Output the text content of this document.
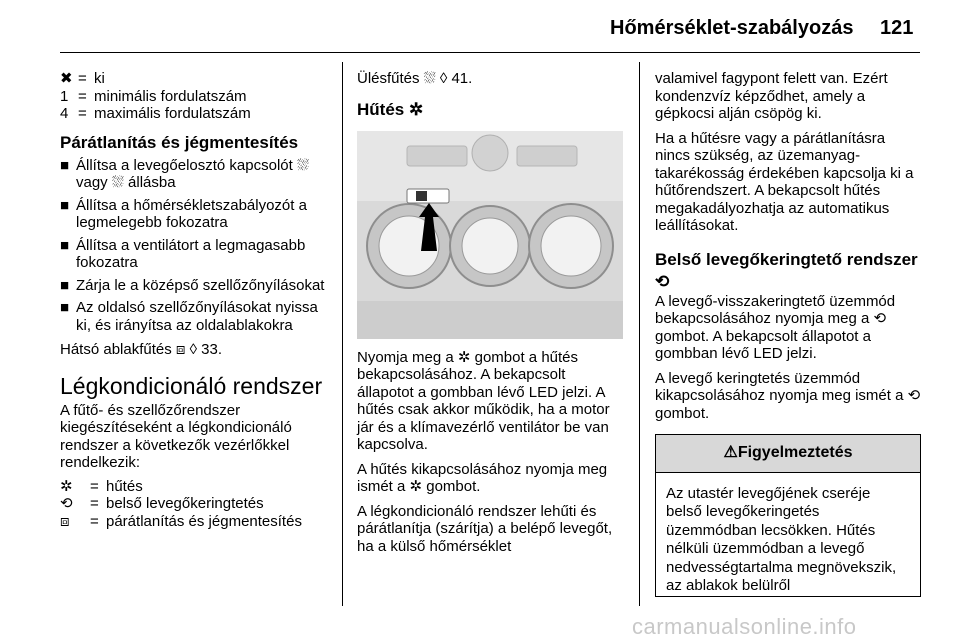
Hőmérséklet-szabályozás 121
✖ = ki
1 = minimális fordulatszám
4 = maximális fordulatszám
Párátlanítás és jégmentesítés
■ Állítsa a levegőelosztó kapcsolót ⛆ vagy ⛆ állásba
■ Állítsa a hőmérsékletszabályozót a legmelegebb fokozatra
■ Állítsa a ventilátort a legmagasabb fokozatra
■ Zárja le a középső szellőzőnyílásokat
■ Az oldalsó szellőzőnyílásokat nyissa ki, és irányítsa az oldalablakokra
Hátsó ablakfűtés ⧈ ◊ 33.
Légkondicionáló rendszer
A fűtő- és szellőzőrendszer kiegészítéseként a légkondicionáló rendszer a következők vezérlőkkel rendelkezik:
✲	= hűtés
⟲	= belső levegőkeringtetés
⧈	= párátlanítás és jégmentesítés
Ülésfűtés ⛆ ◊ 41.
Hűtés ✲
Nyomja meg a ✲ gombot a hűtés bekapcsolásához. A bekapcsolt állapotot a gombban lévő LED jelzi. A hűtés csak akkor működik, ha a motor jár és a klímavezérlő ventilátor be van kapcsolva.
A hűtés kikapcsolásához nyomja meg ismét a ✲ gombot.
A légkondicionáló rendszer lehűti és párátlanítja (szárítja) a belépő levegőt, ha a külső hőmérséklet
valamivel fagypont felett van. Ezért kondenzvíz képződhet, amely a gépkocsi alján csöpög ki.
Ha a hűtésre vagy a párátlanításra nincs szükség, az üzemanyag-takarékosság érdekében kapcsolja ki a hűtőrendszert. A bekapcsolt hűtés megakadályozhatja az automatikus leállításokat.
Belső levegőkeringtető rendszer ⟲
A levegő-visszakeringtető üzemmód bekapcsolásához nyomja meg a ⟲ gombot. A bekapcsolt állapotot a gombban lévő LED jelzi.
A levegő keringtetés üzemmód kikapcsolásához nyomja meg ismét a ⟲ gombot.
⚠Figyelmeztetés
Az utastér levegőjének cseréje belső levegőkeringetés üzemmódban lecsökken. Hűtés nélküli üzemmódban a levegő nedvességtartalma megnövekszik, az ablakok belülről
carmanualsonline.info
